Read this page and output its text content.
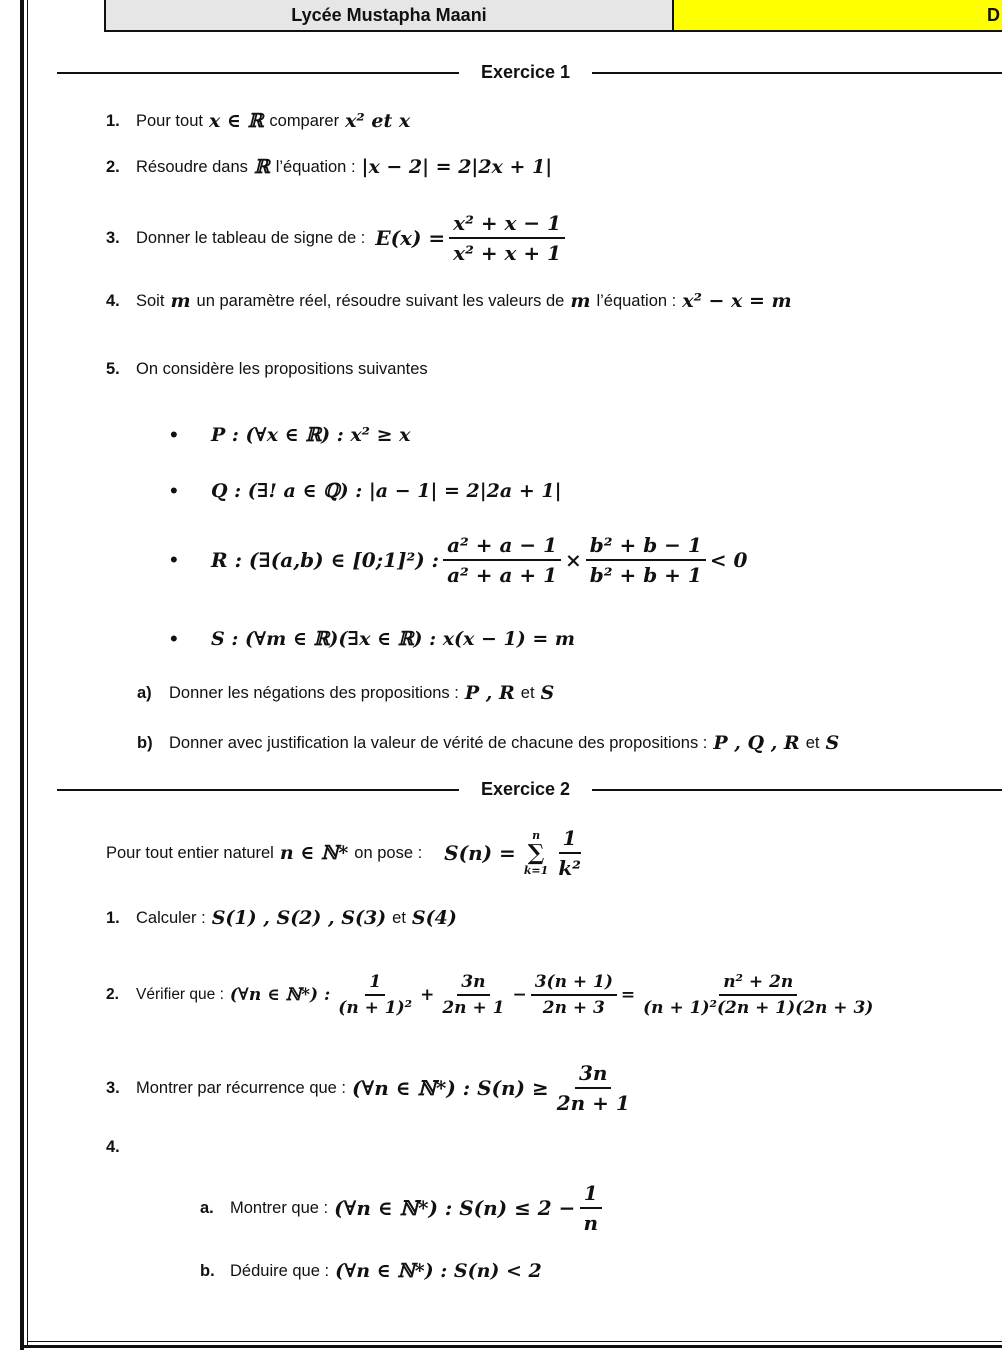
Lycée Mustapha Maani	D
Exercice 1
1. Pour tout x ∈ ℝ comparer x² et x
2. Résoudre dans ℝ l’équation : |x − 2| = 2|2x + 1|
3. Donner le tableau de signe de : $E(x) = \frac{\text{x² + x − 1}}{\text{x² + x + 1}}$
4. Soit m un paramètre réel, résoudre suivant les valeurs de m l’équation : x² − x = m
5. On considère les propositions suivantes
•	P : (∀x ∈ ℝ) : x² ≥ x
•	Q : (∃! a ∈ ℚ) : |a − 1| = 2|2a + 1|
•	R : (∃(a,b) ∈ [0;1]²) : $\frac{\text{a² + a − 1}}{\text{a² + a + 1}} \times \frac{\text{b² + b − 1}}{\text{b² + b + 1}} < 0$
•	S : (∀m ∈ ℝ)(∃x ∈ ℝ) : x(x − 1) = m
a)	Donner les négations des propositions : P , R et S
b) Donner avec justification la valeur de vérité de chacune des propositions : P , Q , R et S
Exercice 2
Pour tout entier naturel n ∈ ℕ* on pose : S(n) =
n
∑
$k=1 \frac{1}{\text{k²}}$
1. Calculer : S(1) , S(2) , S(3) et S(4)
2.	Vérifier que : (∀n ∈ ℕ*) : $\frac{1}{\text{(n + 1)²}} + \frac{3n}{2n + 1} - \frac{3(n + 1)}{2n + 3} = \frac{\text{n² + 2n}}{\text{(n + 1)²(2n + 1)(2n + 3)}}$
3. Montrer par récurrence que : (∀n ∈ ℕ*) : $S(n) \ge \frac{3n}{2n + 1}$
4.
a. Montrer que : (∀n ∈ ℕ*) : $S(n) \le 2 - \frac{1}{n}$
b. Déduire que : (∀n ∈ ℕ*) : S(n) < 2
